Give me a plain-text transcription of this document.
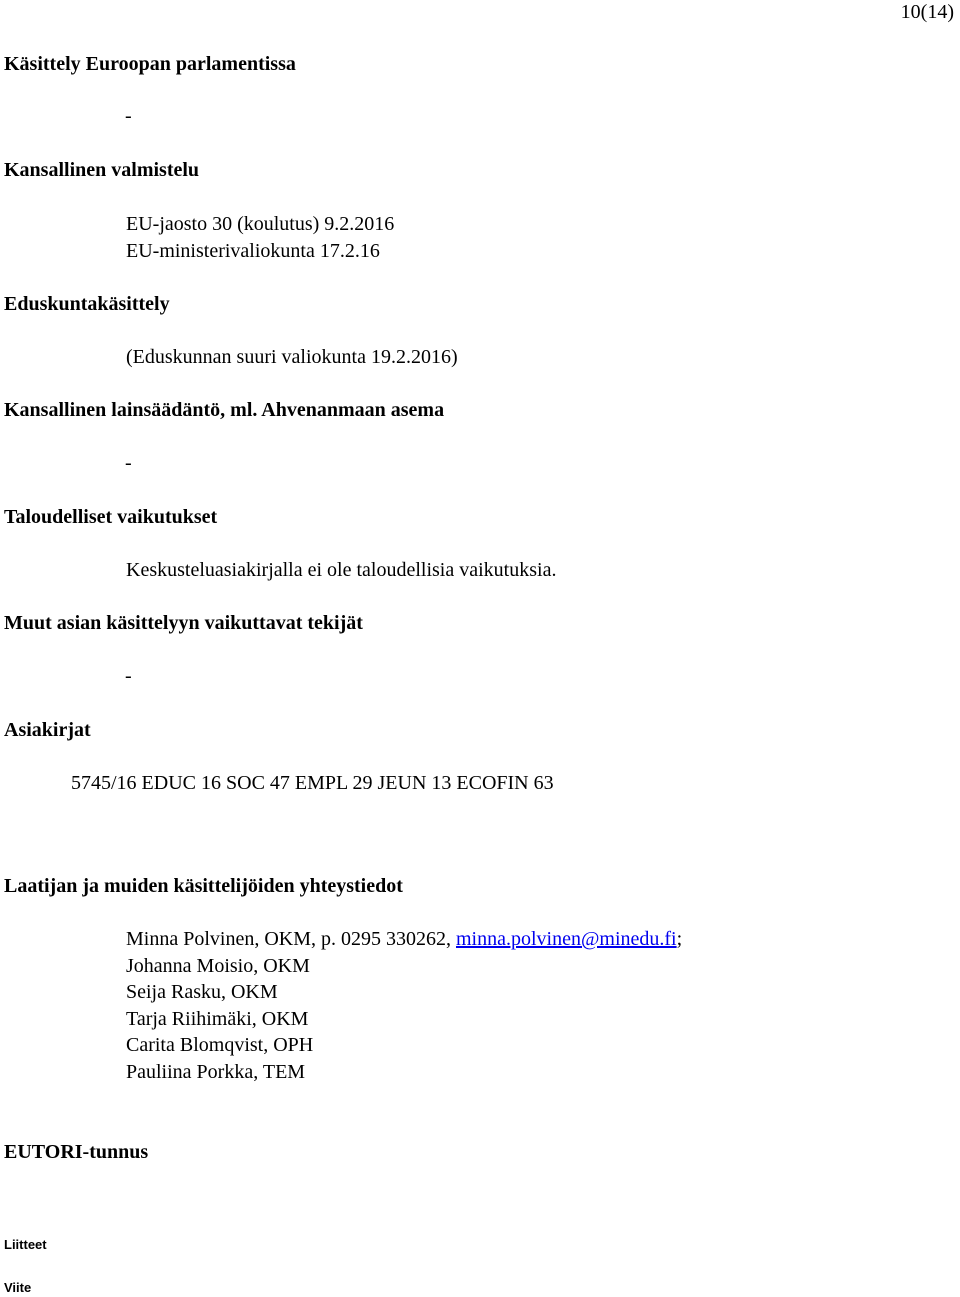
10(14)
Käsittely Euroopan parlamentissa
-
Kansallinen valmistelu
EU-jaosto 30 (koulutus) 9.2.2016
EU-ministerivaliokunta 17.2.16
Eduskuntakäsittely
(Eduskunnan suuri valiokunta 19.2.2016)
Kansallinen lainsäädäntö, ml. Ahvenanmaan asema
-
Taloudelliset vaikutukset
Keskusteluasiakirjalla ei ole taloudellisia vaikutuksia.
Muut asian käsittelyyn vaikuttavat tekijät
-
Asiakirjat
5745/16 EDUC 16 SOC 47 EMPL 29 JEUN 13 ECOFIN 63
Laatijan ja muiden käsittelijöiden yhteystiedot
Minna Polvinen, OKM, p. 0295 330262, minna.polvinen@minedu.fi;
Johanna Moisio, OKM
Seija Rasku, OKM
Tarja Riihimäki, OKM
Carita Blomqvist, OPH
Pauliina Porkka, TEM
EUTORI-tunnus
Liitteet
Viite
